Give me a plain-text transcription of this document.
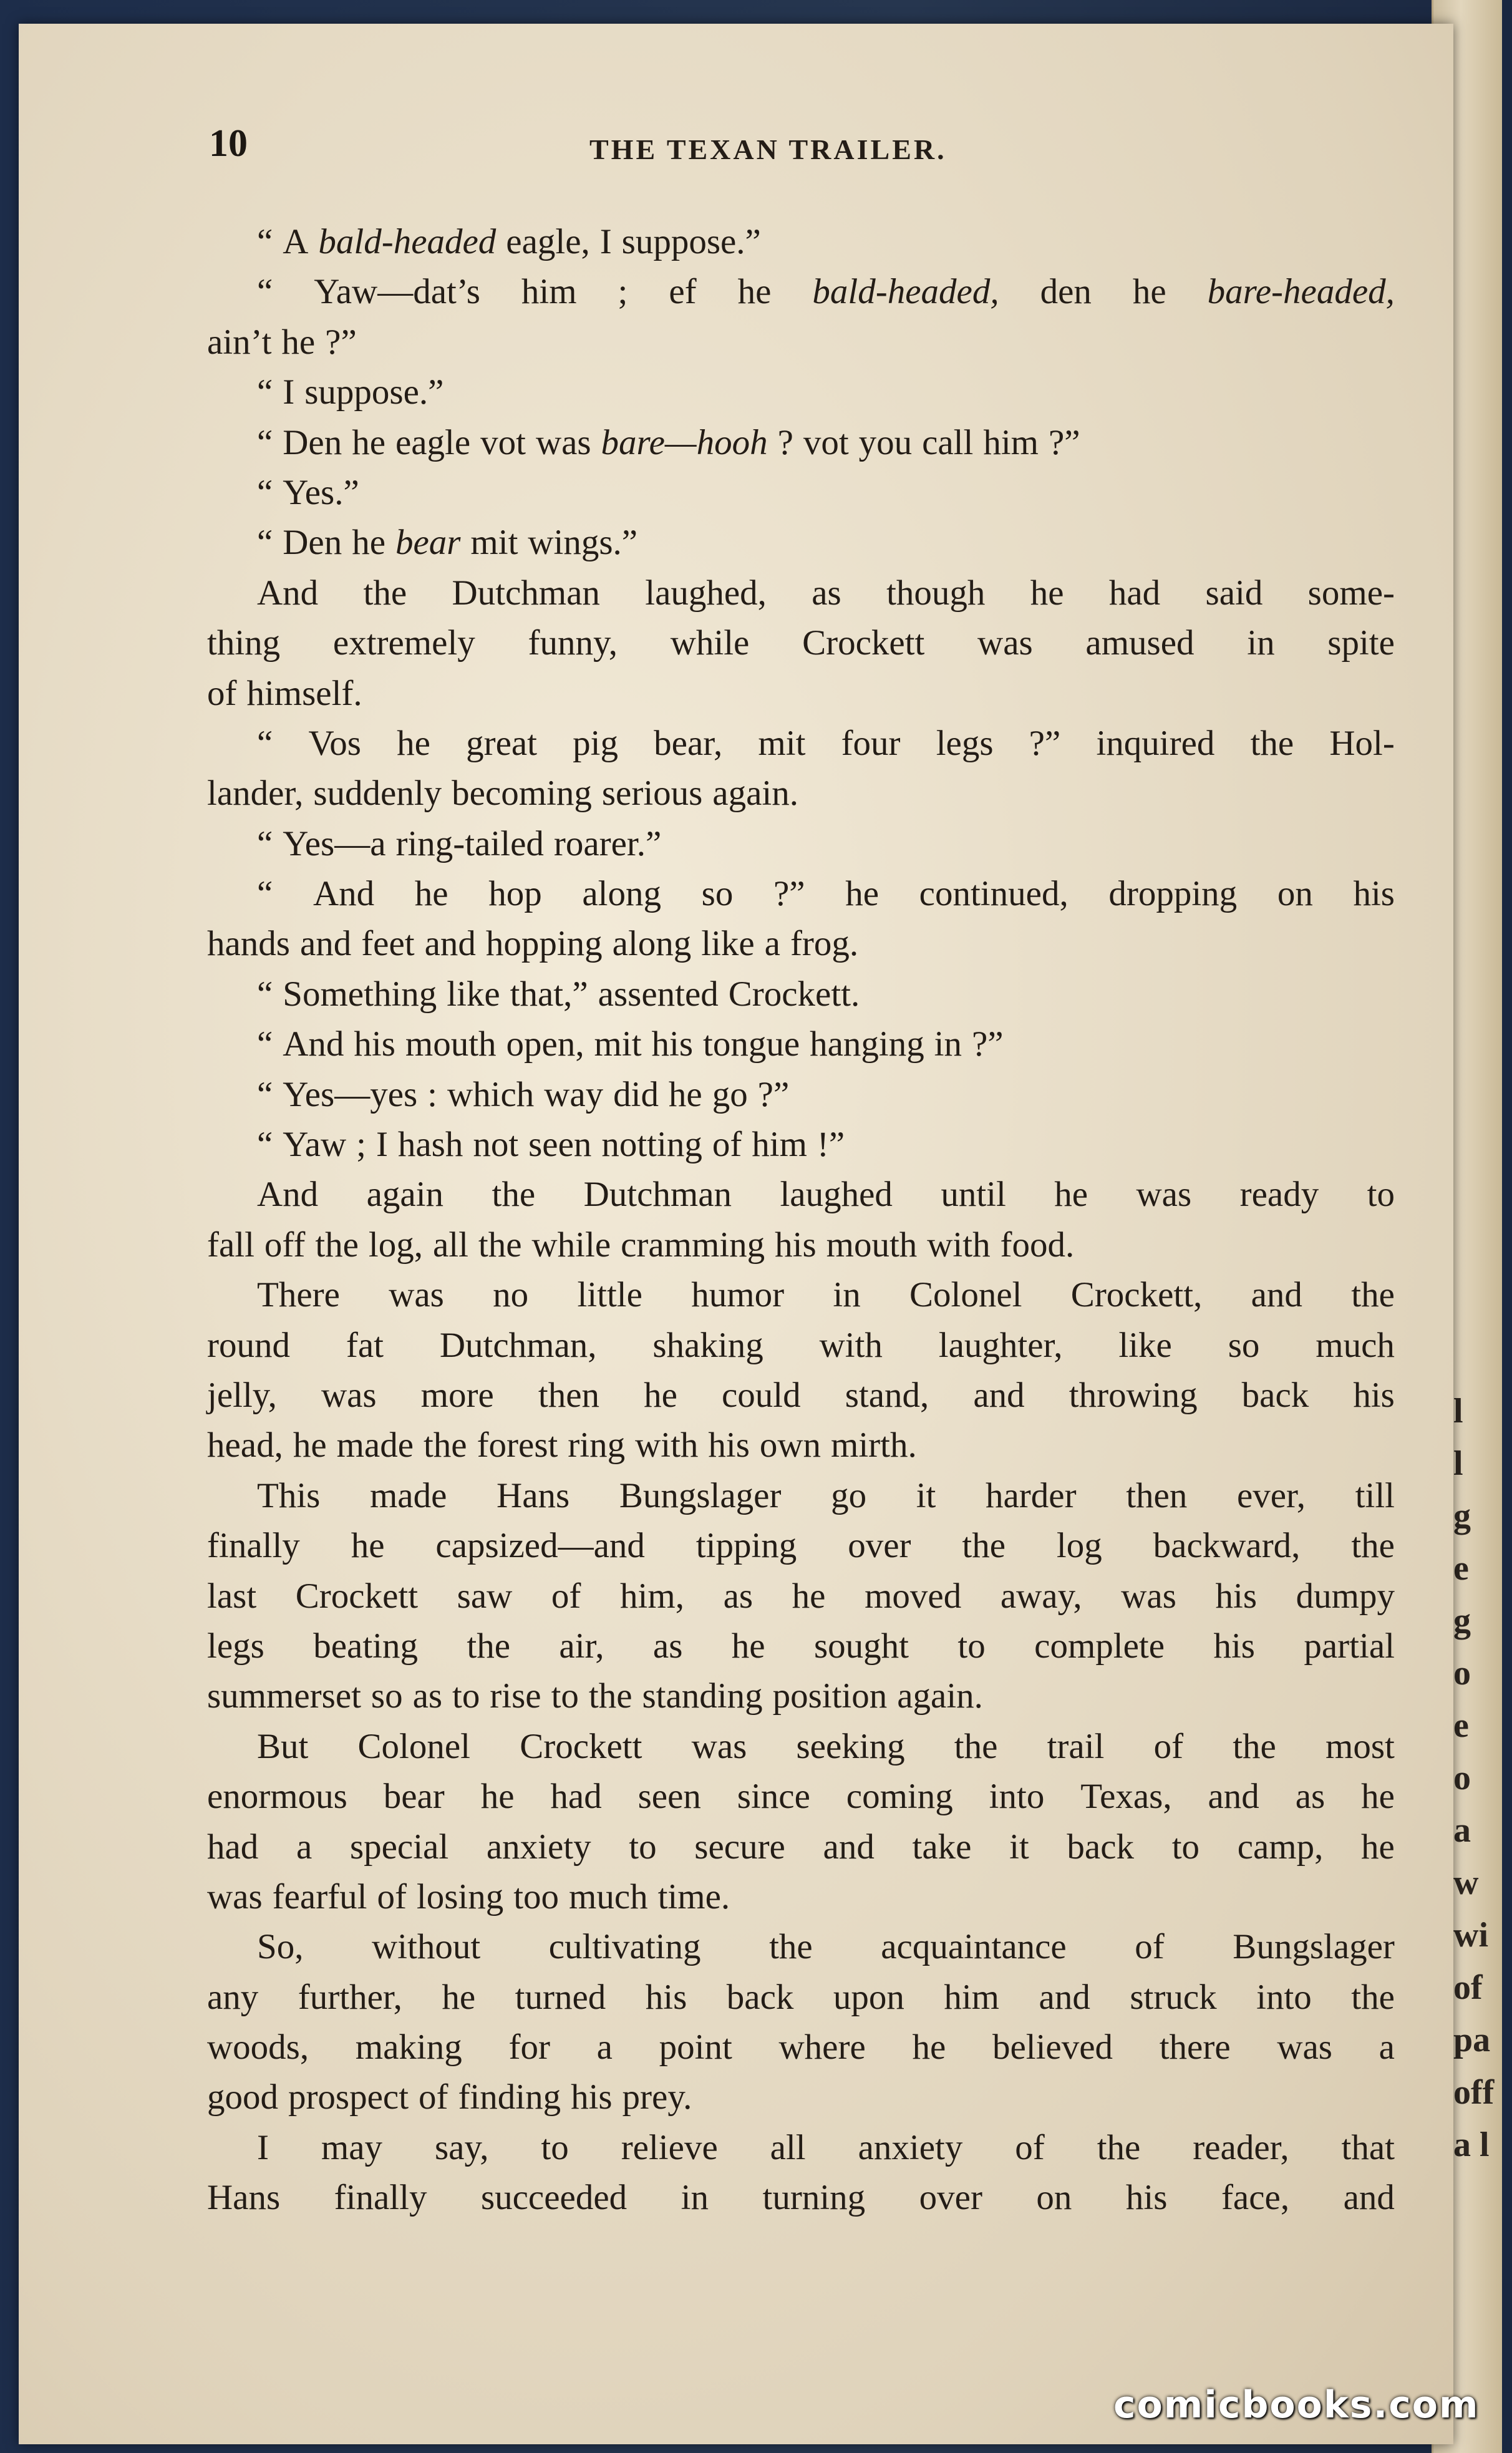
l
l
g
e
g
o
e
o
a
w
wi
of
pa
off
a l
10	THE TEXAN TRAILER.
“ A bald-headed eagle, I suppose.”
“ Yaw—dat’s him ; ef he bald-headed, den he bare-headed,
ain’t he ?”
“ I suppose.”
“ Den he eagle vot was bare—hooh ? vot you call him ?”
“ Yes.”
“ Den he bear mit wings.”
And the Dutchman laughed, as though he had said some-
thing extremely funny, while Crockett was amused in spite
of himself.
“ Vos he great pig bear, mit four legs ?” inquired the Hol-
lander, suddenly becoming serious again.
“ Yes—a ring-tailed roarer.”
“ And he hop along so ?” he continued, dropping on his
hands and feet and hopping along like a frog.
“ Something like that,” assented Crockett.
“ And his mouth open, mit his tongue hanging in ?”
“ Yes—yes : which way did he go ?”
“ Yaw ; I hash not seen notting of him !”
And again the Dutchman laughed until he was ready to
fall off the log, all the while cramming his mouth with food.
There was no little humor in Colonel Crockett, and the
round fat Dutchman, shaking with laughter, like so much
jelly, was more then he could stand, and throwing back his
head, he made the forest ring with his own mirth.
This made Hans Bungslager go it harder then ever, till
finally he capsized—and tipping over the log backward, the
last Crockett saw of him, as he moved away, was his dumpy
legs beating the air, as he sought to complete his partial
summerset so as to rise to the standing position again.
But Colonel Crockett was seeking the trail of the most
enormous bear he had seen since coming into Texas, and as he
had a special anxiety to secure and take it back to camp, he
was fearful of losing too much time.
So, without cultivating the acquaintance of Bungslager
any further, he turned his back upon him and struck into the
woods, making for a point where he believed there was a
good prospect of finding his prey.
I may say, to relieve all anxiety of the reader, that
Hans finally succeeded in turning over on his face, and
comicbooks.com
